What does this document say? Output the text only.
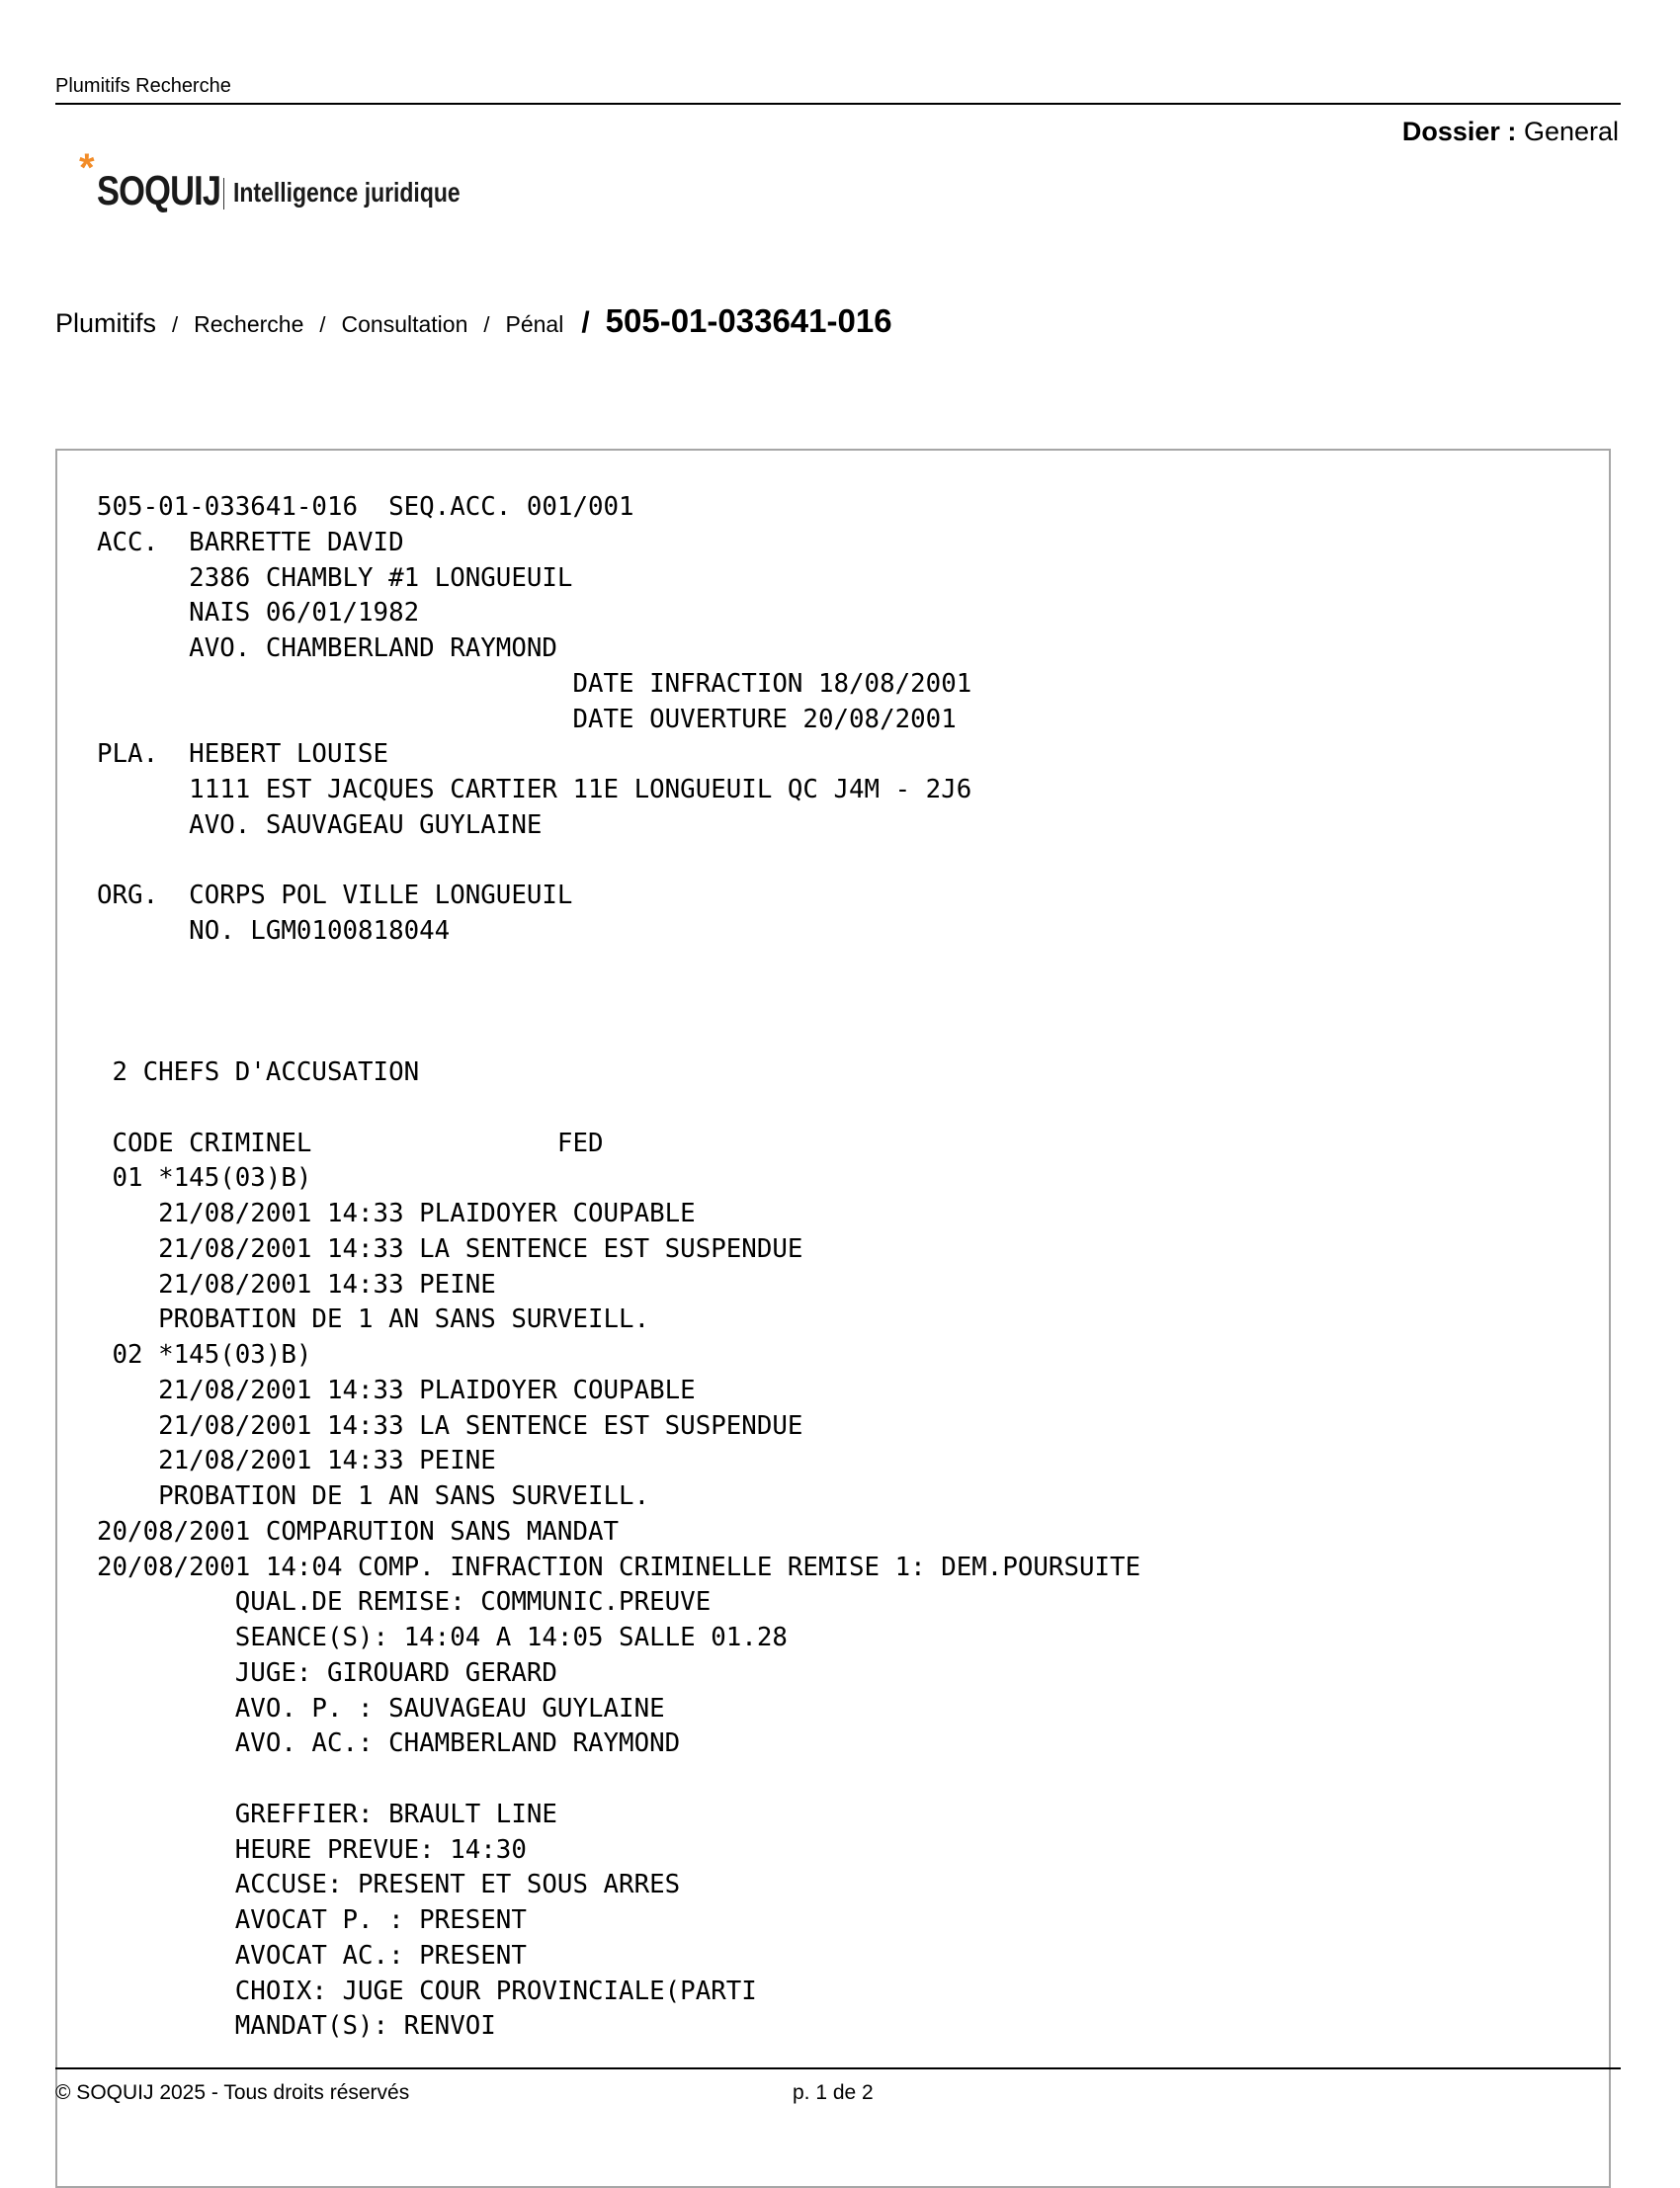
Plumitifs Recherche
Dossier : General
* SOQUIJ Intelligence juridique
Plumitifs / Recherche / Consultation / Pénal / 505-01-033641-016
505-01-033641-016  SEQ.ACC. 001/001
ACC.  BARRETTE DAVID
2386 CHAMBLY #1 LONGUEUIL
NAIS 06/01/1982
AVO. CHAMBERLAND RAYMOND
DATE INFRACTION 18/08/2001
DATE OUVERTURE 20/08/2001
PLA.  HEBERT LOUISE
1111 EST JACQUES CARTIER 11E LONGUEUIL QC J4M - 2J6
AVO. SAUVAGEAU GUYLAINE

ORG.  CORPS POL VILLE LONGUEUIL
NO. LGM0100818044

2 CHEFS D'ACCUSATION

CODE CRIMINEL                FED
01 *145(03)B)
21/08/2001 14:33 PLAIDOYER COUPABLE
21/08/2001 14:33 LA SENTENCE EST SUSPENDUE
21/08/2001 14:33 PEINE
PROBATION DE 1 AN SANS SURVEILL.
02 *145(03)B)
21/08/2001 14:33 PLAIDOYER COUPABLE
21/08/2001 14:33 LA SENTENCE EST SUSPENDUE
21/08/2001 14:33 PEINE
PROBATION DE 1 AN SANS SURVEILL.
20/08/2001 COMPARUTION SANS MANDAT
20/08/2001 14:04 COMP. INFRACTION CRIMINELLE REMISE 1: DEM.POURSUITE
QUAL.DE REMISE: COMMUNIC.PREUVE
SEANCE(S): 14:04 A 14:05 SALLE 01.28
JUGE: GIROUARD GERARD
AVO. P. : SAUVAGEAU GUYLAINE
AVO. AC.: CHAMBERLAND RAYMOND

GREFFIER: BRAULT LINE
HEURE PREVUE: 14:30
ACCUSE: PRESENT ET SOUS ARRES
AVOCAT P. : PRESENT
AVOCAT AC.: PRESENT
CHOIX: JUGE COUR PROVINCIALE(PARTI
MANDAT(S): RENVOI

© SOQUIJ 2025 - Tous droits réservés	p. 1 de 2
